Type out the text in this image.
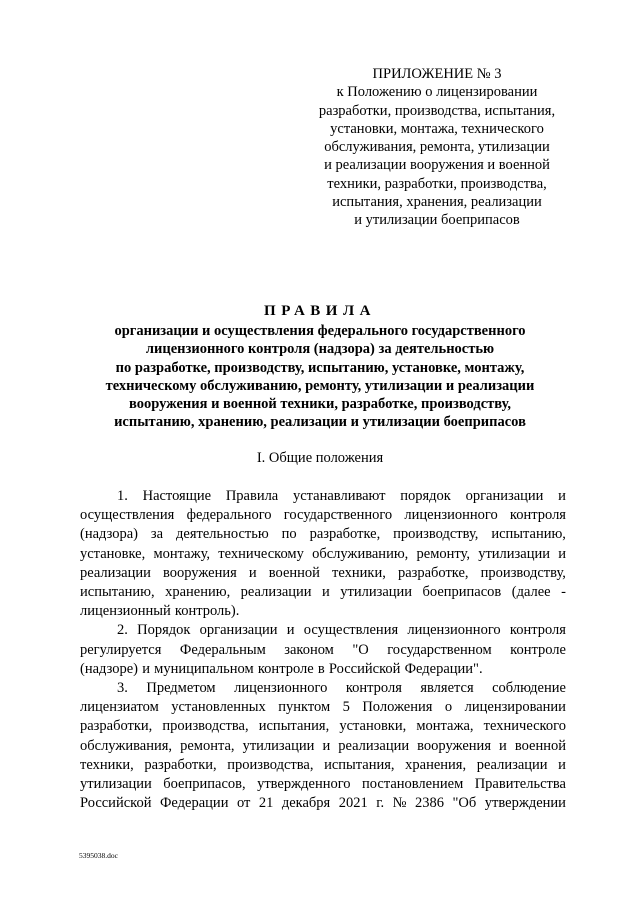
ПРИЛОЖЕНИЕ № 3
к Положению о лицензировании
разработки, производства, испытания,
установки, монтажа, технического
обслуживания, ремонта, утилизации
и реализации вооружения и военной
техники, разработки, производства,
испытания, хранения, реализации
и утилизации боеприпасов
ПРАВИЛА
организации и осуществления федерального государственного
лицензионного контроля (надзора) за деятельностью
по разработке, производству, испытанию, установке, монтажу,
техническому обслуживанию, ремонту, утилизации и реализации
вооружения и военной техники, разработке, производству,
испытанию, хранению, реализации и утилизации боеприпасов
I. Общие положения
1. Настоящие Правила устанавливают порядок организации и
осуществления федерального государственного лицензионного контроля
(надзора) за деятельностью по разработке, производству, испытанию,
установке, монтажу, техническому обслуживанию, ремонту, утилизации и
реализации вооружения и военной техники, разработке, производству,
испытанию, хранению, реализации и утилизации боеприпасов (далее -
лицензионный контроль).
2. Порядок организации и осуществления лицензионного контроля
регулируется Федеральным законом "О государственном контроле
(надзоре) и муниципальном контроле в Российской Федерации".
3. Предметом лицензионного контроля является соблюдение
лицензиатом установленных пунктом 5 Положения о лицензировании
разработки, производства, испытания, установки, монтажа, технического
обслуживания, ремонта, утилизации и реализации вооружения и военной
техники, разработки, производства, испытания, хранения, реализации и
утилизации боеприпасов, утвержденного постановлением Правительства
Российской Федерации от 21 декабря 2021 г. № 2386 "Об утверждении
5395038.doc
